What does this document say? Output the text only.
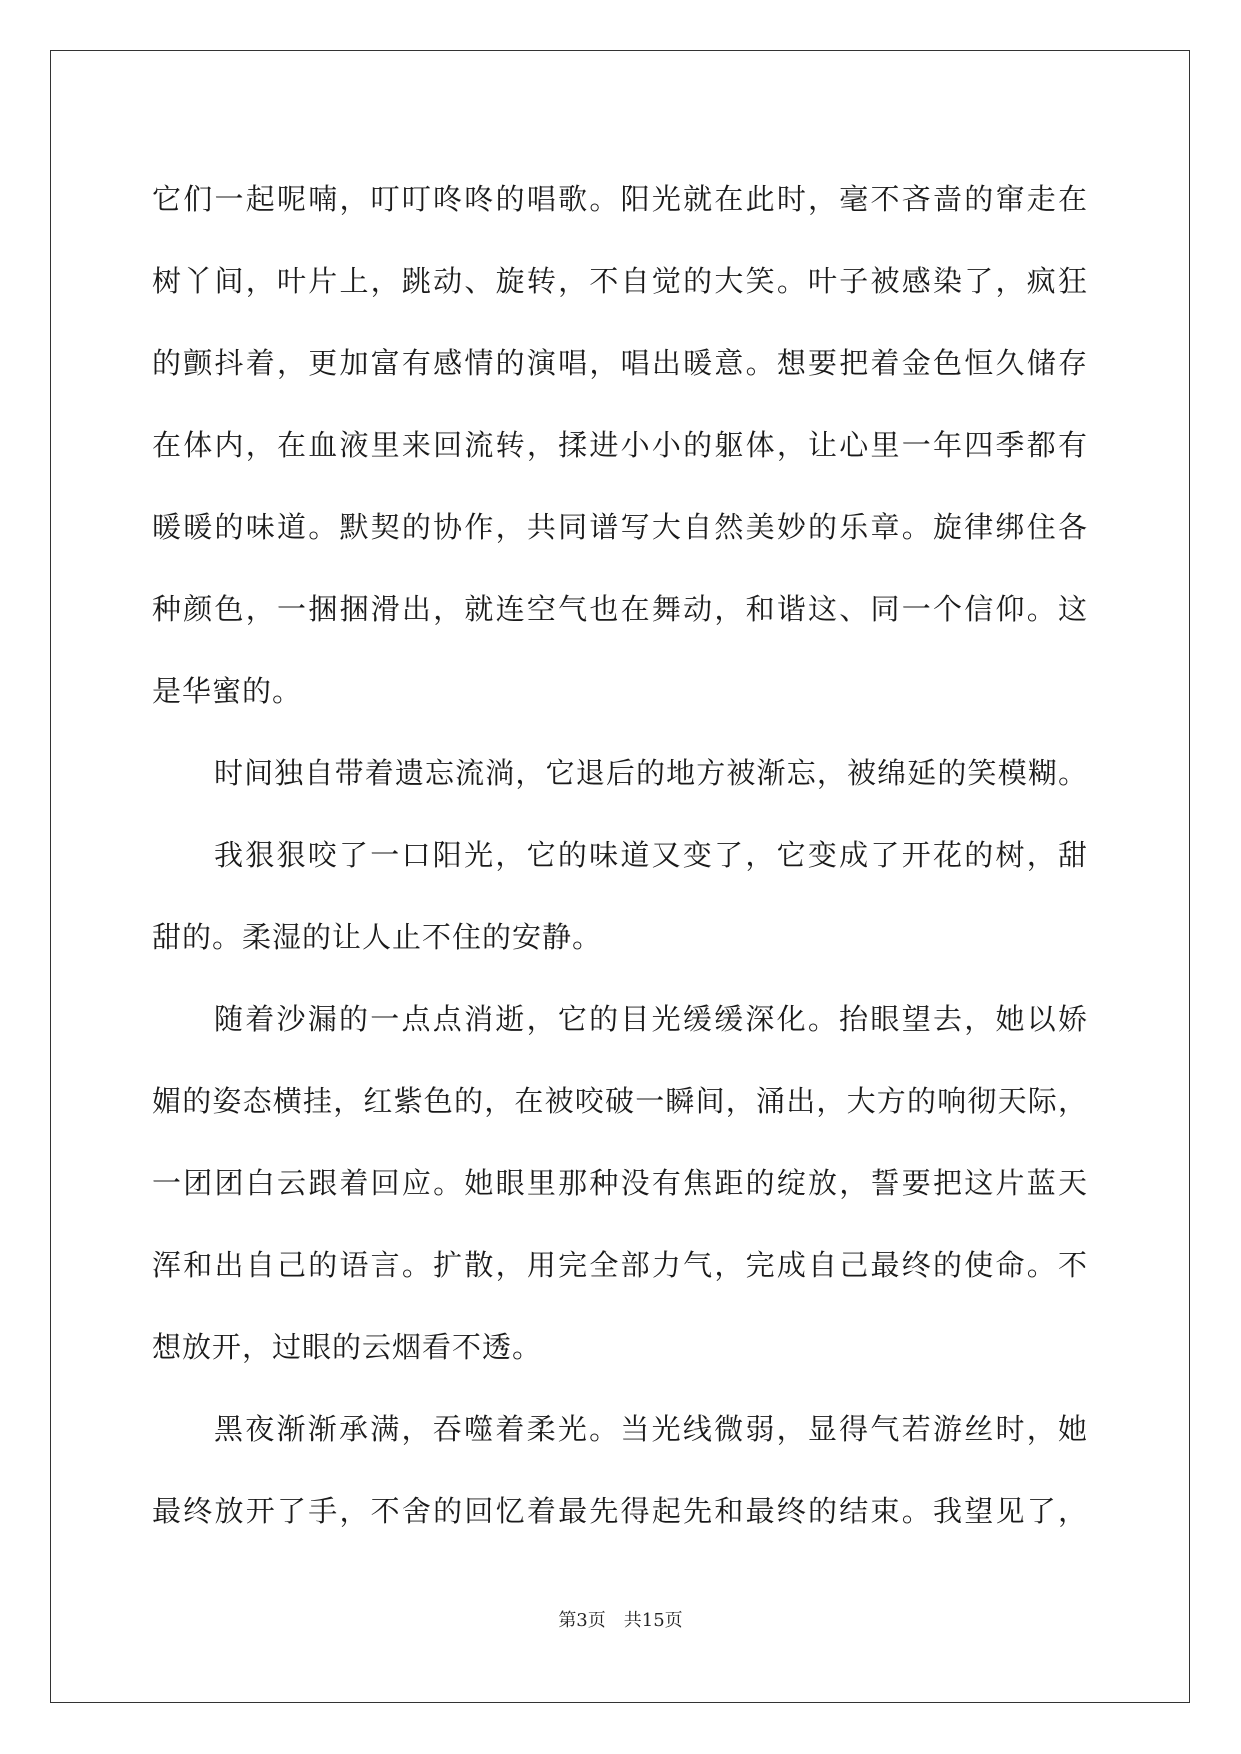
它们一起呢喃，叮叮咚咚的唱歌。阳光就在此时，毫不吝啬的窜走在
树丫间，叶片上，跳动、旋转，不自觉的大笑。叶子被感染了，疯狂
的颤抖着，更加富有感情的演唱，唱出暖意。想要把着金色恒久储存
在体内，在血液里来回流转，揉进小小的躯体，让心里一年四季都有
暖暖的味道。默契的协作，共同谱写大自然美妙的乐章。旋律绑住各
种颜色，一捆捆滑出，就连空气也在舞动，和谐这、同一个信仰。这
是华蜜的。
时间独自带着遗忘流淌，它退后的地方被渐忘，被绵延的笑模糊。
我狠狠咬了一口阳光，它的味道又变了，它变成了开花的树，甜
甜的。柔湿的让人止不住的安静。
随着沙漏的一点点消逝，它的目光缓缓深化。抬眼望去，她以娇
媚的姿态横挂，红紫色的，在被咬破一瞬间，涌出，大方的响彻天际，
一团团白云跟着回应。她眼里那种没有焦距的绽放，誓要把这片蓝天
浑和出自己的语言。扩散，用完全部力气，完成自己最终的使命。不
想放开，过眼的云烟看不透。
黑夜渐渐承满，吞噬着柔光。当光线微弱，显得气若游丝时，她
最终放开了手，不舍的回忆着最先得起先和最终的结束。我望见了，
第3页 共15页
